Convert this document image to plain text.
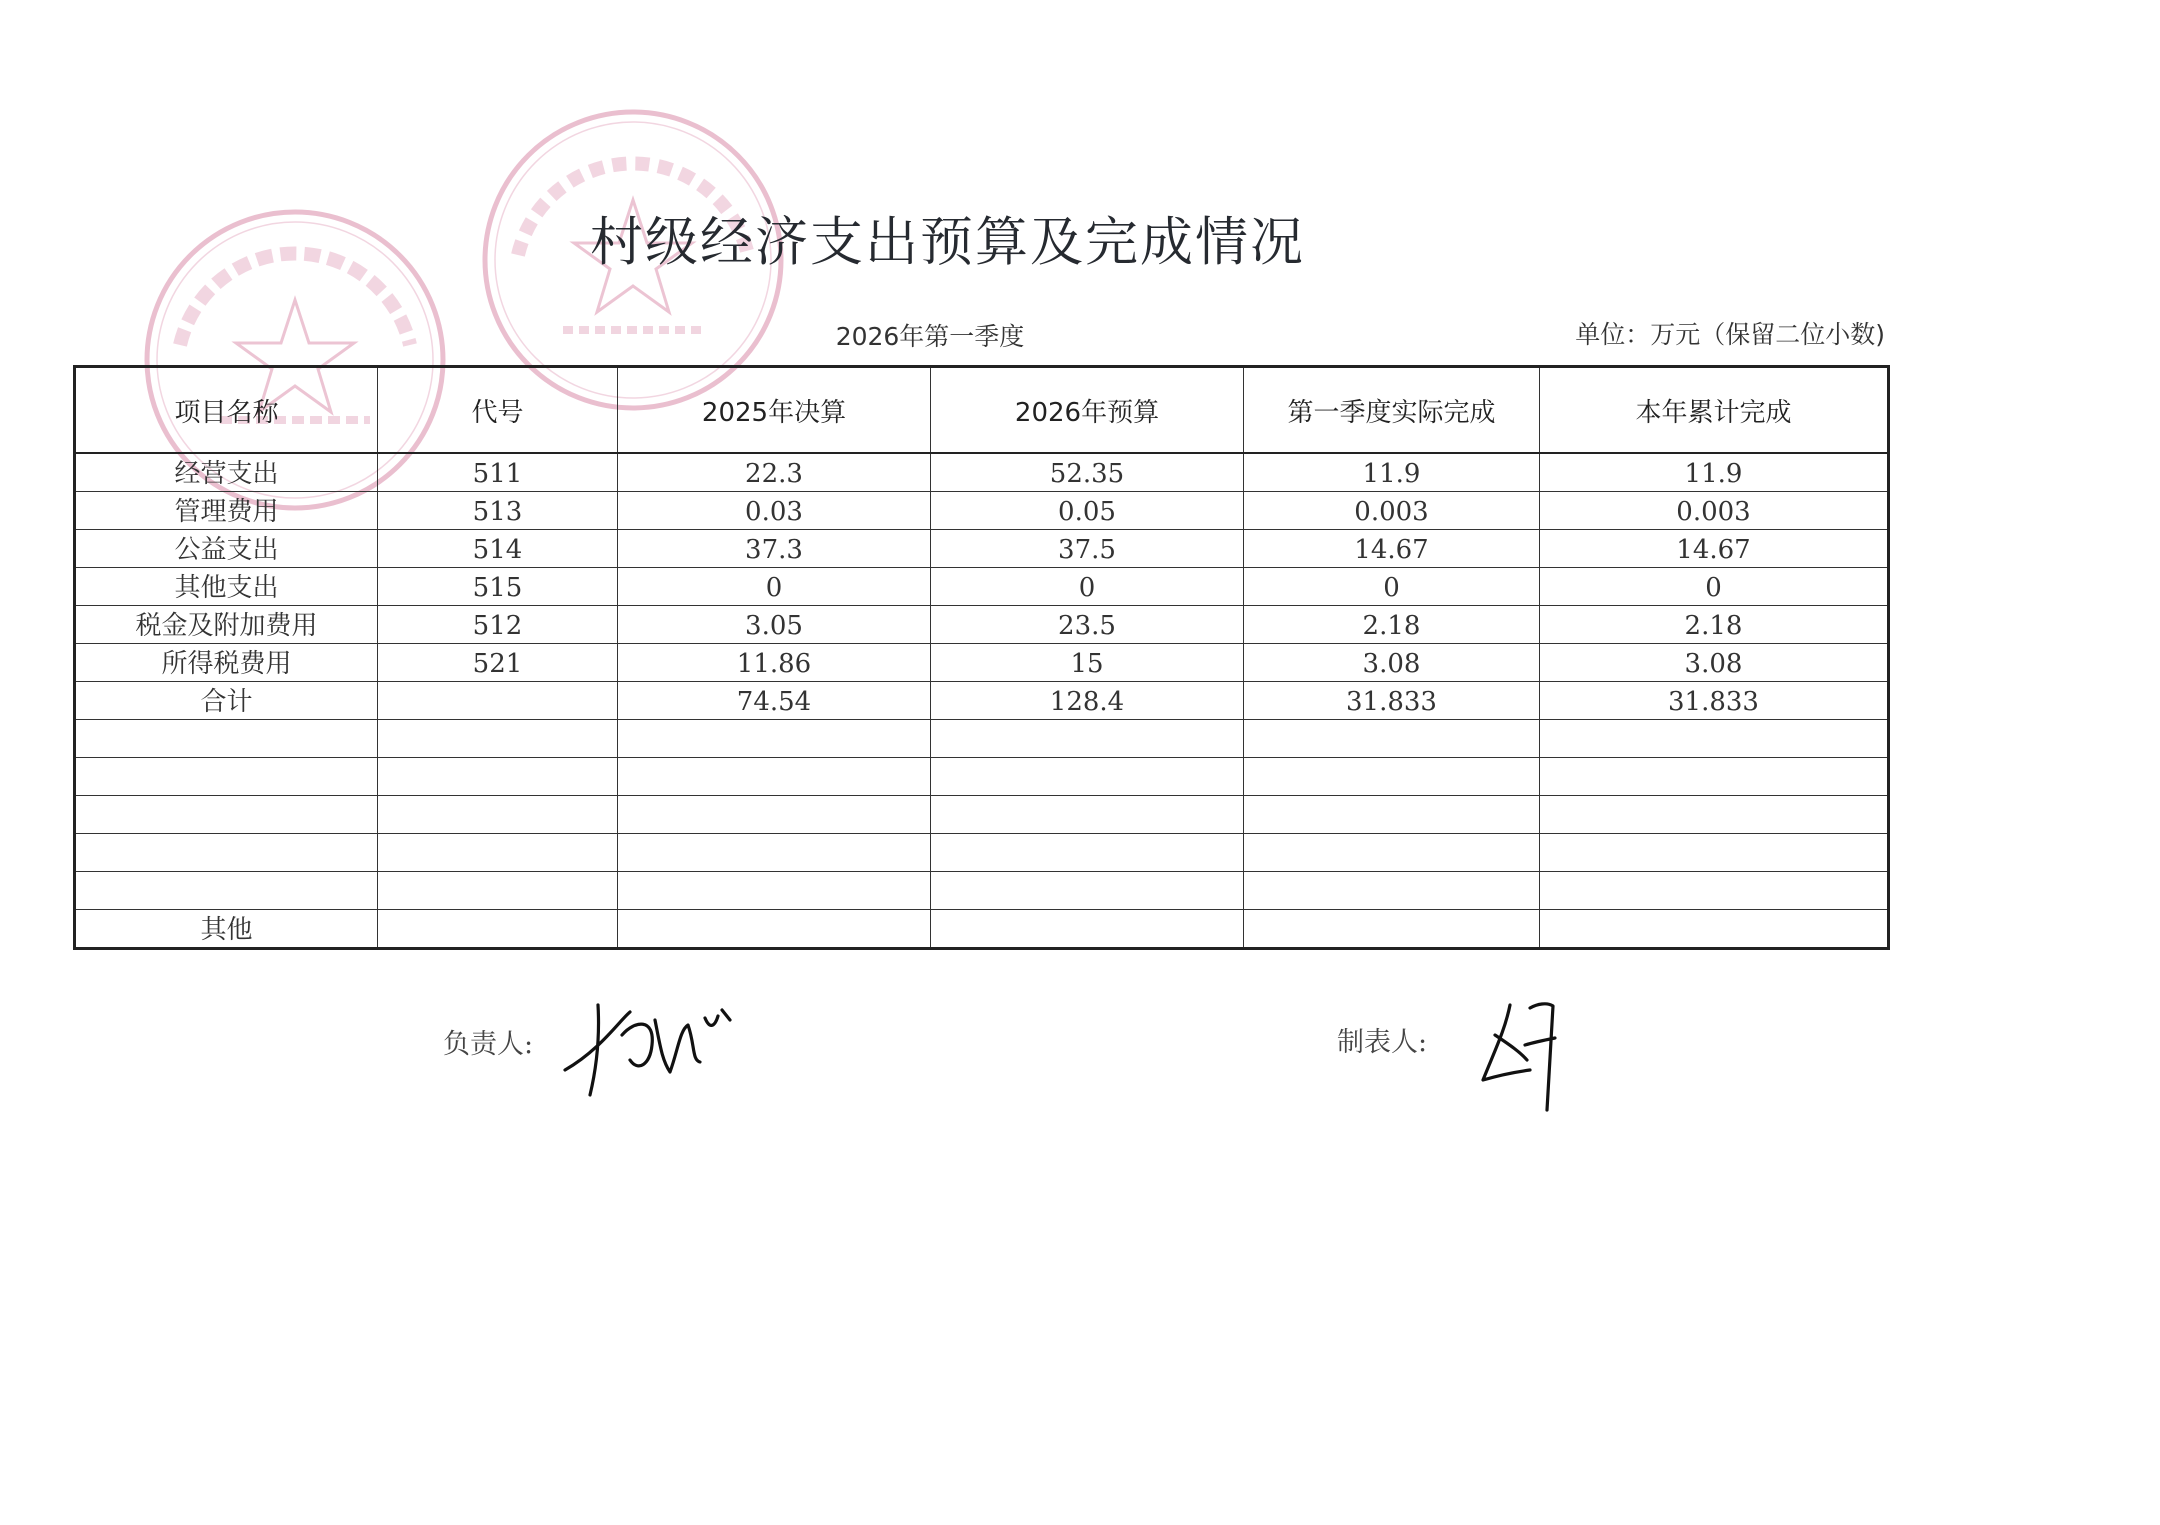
村级经济支出预算及完成情况
2026年第一季度	单位：万元（保留二位小数)
项目名称	代号	2025年决算	2026年预算	第一季度实际完成	本年累计完成
经营支出	511	22.3	52.35	11.9	11.9
管理费用	513	0.03	0.05	0.003	0.003
公益支出	514	37.3	37.5	14.67	14.67
其他支出	515	0	0	0	0
税金及附加费用	512	3.05	23.5	2.18	2.18
所得税费用	521	11.86	15	3.08	3.08
合计		74.54	128.4	31.833	31.833

其他					
负责人:	制表人:
